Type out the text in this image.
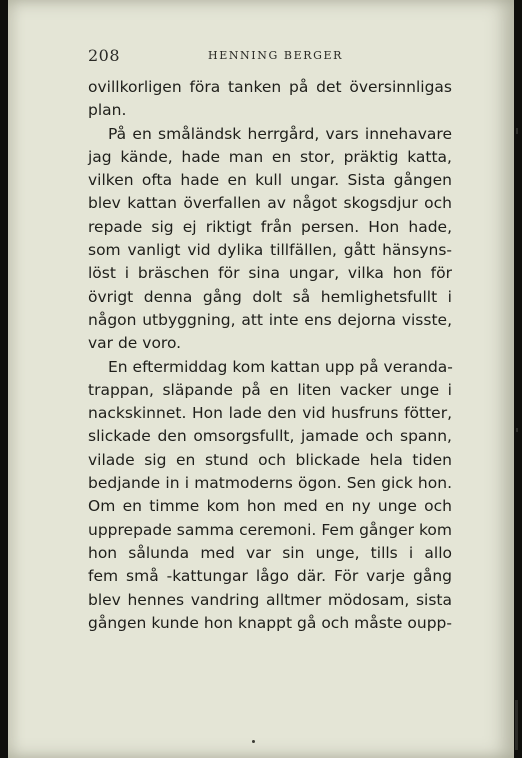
208	HENNING BERGER
ovillkorligen föra tanken på det översinnligas
plan.
På en småländsk herrgård, vars innehavare
jag kände, hade man en stor, präktig katta,
vilken ofta hade en kull ungar. Sista gången
blev kattan överfallen av något skogsdjur och
repade sig ej riktigt från persen. Hon hade,
som vanligt vid dylika tillfällen, gått hänsyns-
löst i bräschen för sina ungar, vilka hon för
övrigt denna gång dolt så hemlighetsfullt i
någon utbyggning, att inte ens dejorna visste,
var de voro.
En eftermiddag kom kattan upp på veranda-
trappan, släpande på en liten vacker unge i
nackskinnet. Hon lade den vid husfruns fötter,
slickade den omsorgsfullt, jamade och spann,
vilade sig en stund och blickade hela tiden
bedjande in i matmoderns ögon. Sen gick hon.
Om en timme kom hon med en ny unge och
upprepade samma ceremoni. Fem gånger kom
hon sålunda med var sin unge, tills i allo
fem små -kattungar lågo där. För varje gång
blev hennes vandring alltmer mödosam, sista
gången kunde hon knappt gå och måste oupp-
